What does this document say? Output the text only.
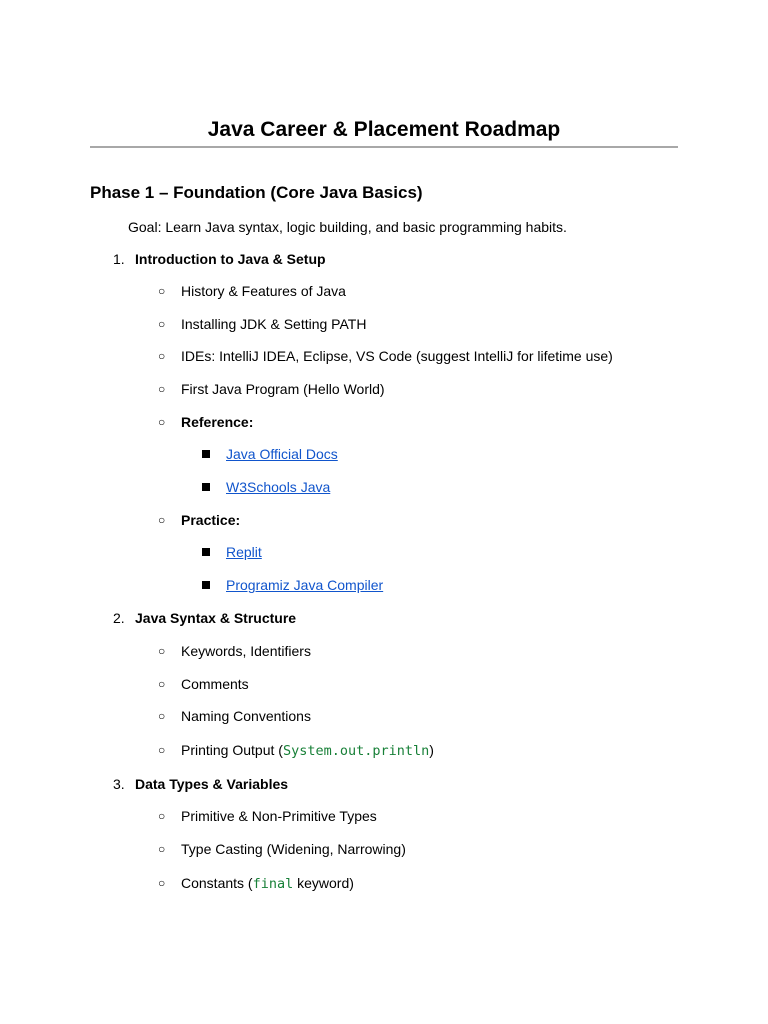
Java Career & Placement Roadmap
Phase 1 – Foundation (Core Java Basics)
Goal: Learn Java syntax, logic building, and basic programming habits.
1. Introduction to Java & Setup
○ History & Features of Java
○ Installing JDK & Setting PATH
○ IDEs: IntelliJ IDEA, Eclipse, VS Code (suggest IntelliJ for lifetime use)
○ First Java Program (Hello World)
○ Reference:
Java Official Docs
W3Schools Java
○ Practice:
Replit
Programiz Java Compiler
2. Java Syntax & Structure
○ Keywords, Identifiers
○ Comments
○ Naming Conventions
○ Printing Output (System.out.println)
3. Data Types & Variables
○ Primitive & Non-Primitive Types
○ Type Casting (Widening, Narrowing)
○ Constants (final keyword)
